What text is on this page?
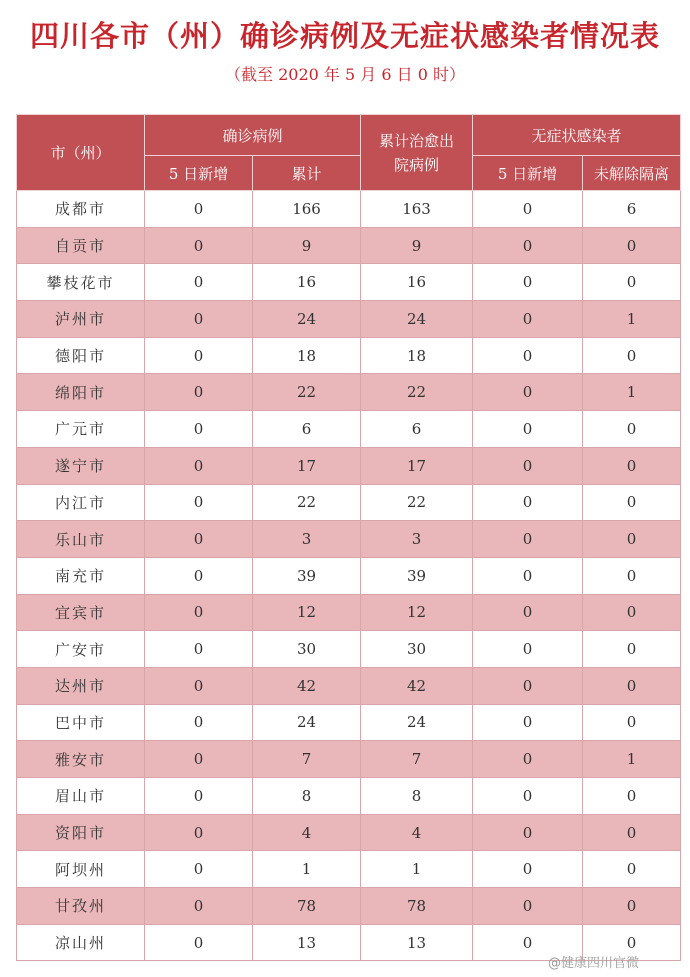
四川各市（州）确诊病例及无症状感染者情况表
（截至 2020 年 5 月 6 日 0 时）
市（州）	确诊病例		累计治愈出院病例	无症状感染者	
	5 日新增	累计		5 日新增	未解除隔离
成都市	0	166	163	0	6
自贡市	0	9	9	0	0
攀枝花市	0	16	16	0	0
泸州市	0	24	24	0	1
德阳市	0	18	18	0	0
绵阳市	0	22	22	0	1
广元市	0	6	6	0	0
遂宁市	0	17	17	0	0
内江市	0	22	22	0	0
乐山市	0	3	3	0	0
南充市	0	39	39	0	0
宜宾市	0	12	12	0	0
广安市	0	30	30	0	0
达州市	0	42	42	0	0
巴中市	0	24	24	0	0
雅安市	0	7	7	0	1
眉山市	0	8	8	0	0
资阳市	0	4	4	0	0
阿坝州	0	1	1	0	0
甘孜州	0	78	78	0	0
凉山州	0	13	13	0	0
@健康四川官微
